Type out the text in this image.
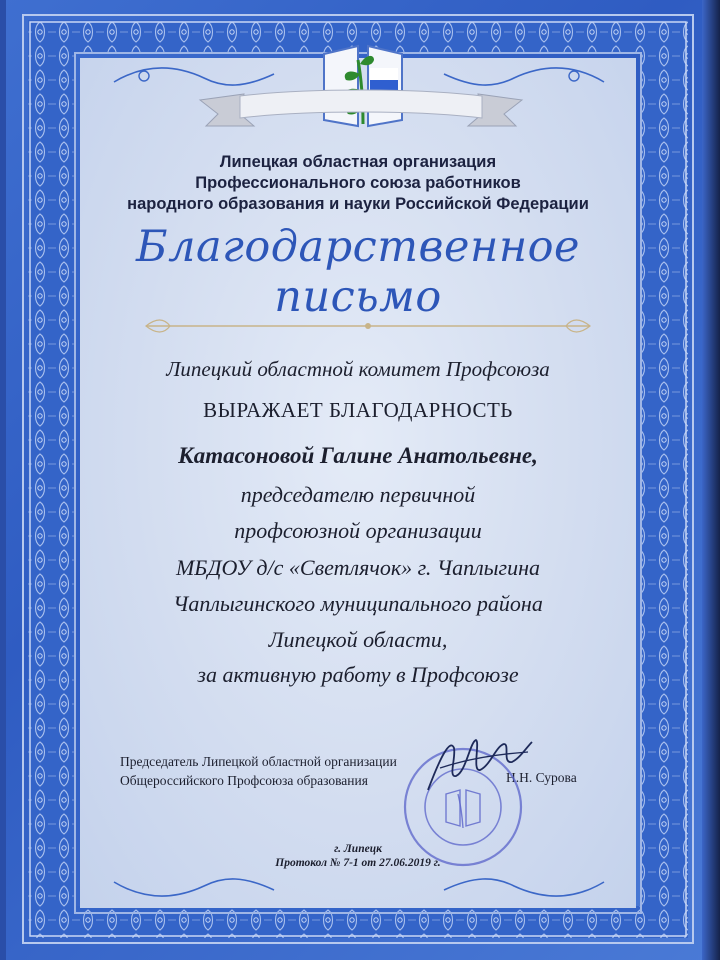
Липецкая областная организация
Профессионального союза работников
народного образования и науки Российской Федерации
Благодарственное письмо
Липецкий областной комитет Профсоюза
ВЫРАЖАЕТ БЛАГОДАРНОСТЬ
Катасоновой Галине Анатольевне,
председателю первичной
профсоюзной организации
МБДОУ д/с «Светлячок» г. Чаплыгина
Чаплыгинского муниципального района
Липецкой области,
за активную работу в Профсоюзе
Председатель Липецкой областной организации
Общероссийского Профсоюза образования	Н.Н. Сурова
г. Липецк
Протокол № 7-1 от 27.06.2019 г.
